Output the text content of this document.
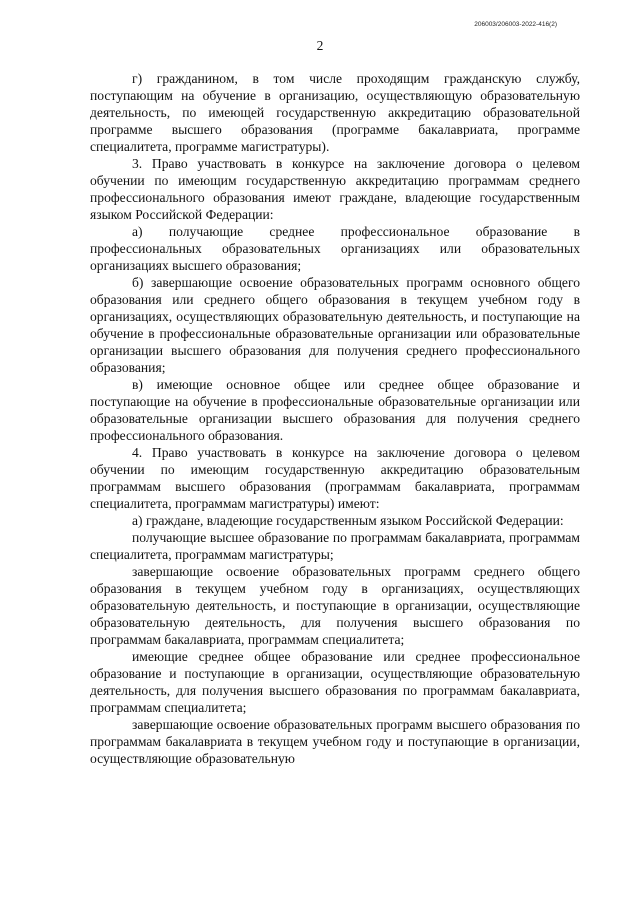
206003/206003-2022-416(2)
2

г) гражданином, в том числе проходящим гражданскую службу, поступающим на обучение в организацию, осуществляющую образовательную деятельность, по имеющей государственную аккредитацию образовательной программе высшего образования (программе бакалавриата, программе специалитета, программе магистратуры).

3. Право участвовать в конкурсе на заключение договора о целевом обучении по имеющим государственную аккредитацию программам среднего профессионального образования имеют граждане, владеющие государственным языком Российской Федерации:

а) получающие среднее профессиональное образование в профессиональных образовательных организациях или образовательных организациях высшего образования;

б) завершающие освоение образовательных программ основного общего образования или среднего общего образования в текущем учебном году в организациях, осуществляющих образовательную деятельность, и поступающие на обучение в профессиональные образовательные организации или образовательные организации высшего образования для получения среднего профессионального образования;

в) имеющие основное общее или среднее общее образование и поступающие на обучение в профессиональные образовательные организации или образовательные организации высшего образования для получения среднего профессионального образования.

4. Право участвовать в конкурсе на заключение договора о целевом обучении по имеющим государственную аккредитацию образовательным программам высшего образования (программам бакалавриата, программам специалитета, программам магистратуры) имеют:

а) граждане, владеющие государственным языком Российской Федерации:

получающие высшее образование по программам бакалавриата, программам специалитета, программам магистратуры;

завершающие освоение образовательных программ среднего общего образования в текущем учебном году в организациях, осуществляющих образовательную деятельность, и поступающие в организации, осуществляющие образовательную деятельность, для получения высшего образования по программам бакалавриата, программам специалитета;

имеющие среднее общее образование или среднее профессиональное образование и поступающие в организации, осуществляющие образовательную деятельность, для получения высшего образования по программам бакалавриата, программам специалитета;

завершающие освоение образовательных программ высшего образования по программам бакалавриата в текущем учебном году и поступающие в организации, осуществляющие образовательную
